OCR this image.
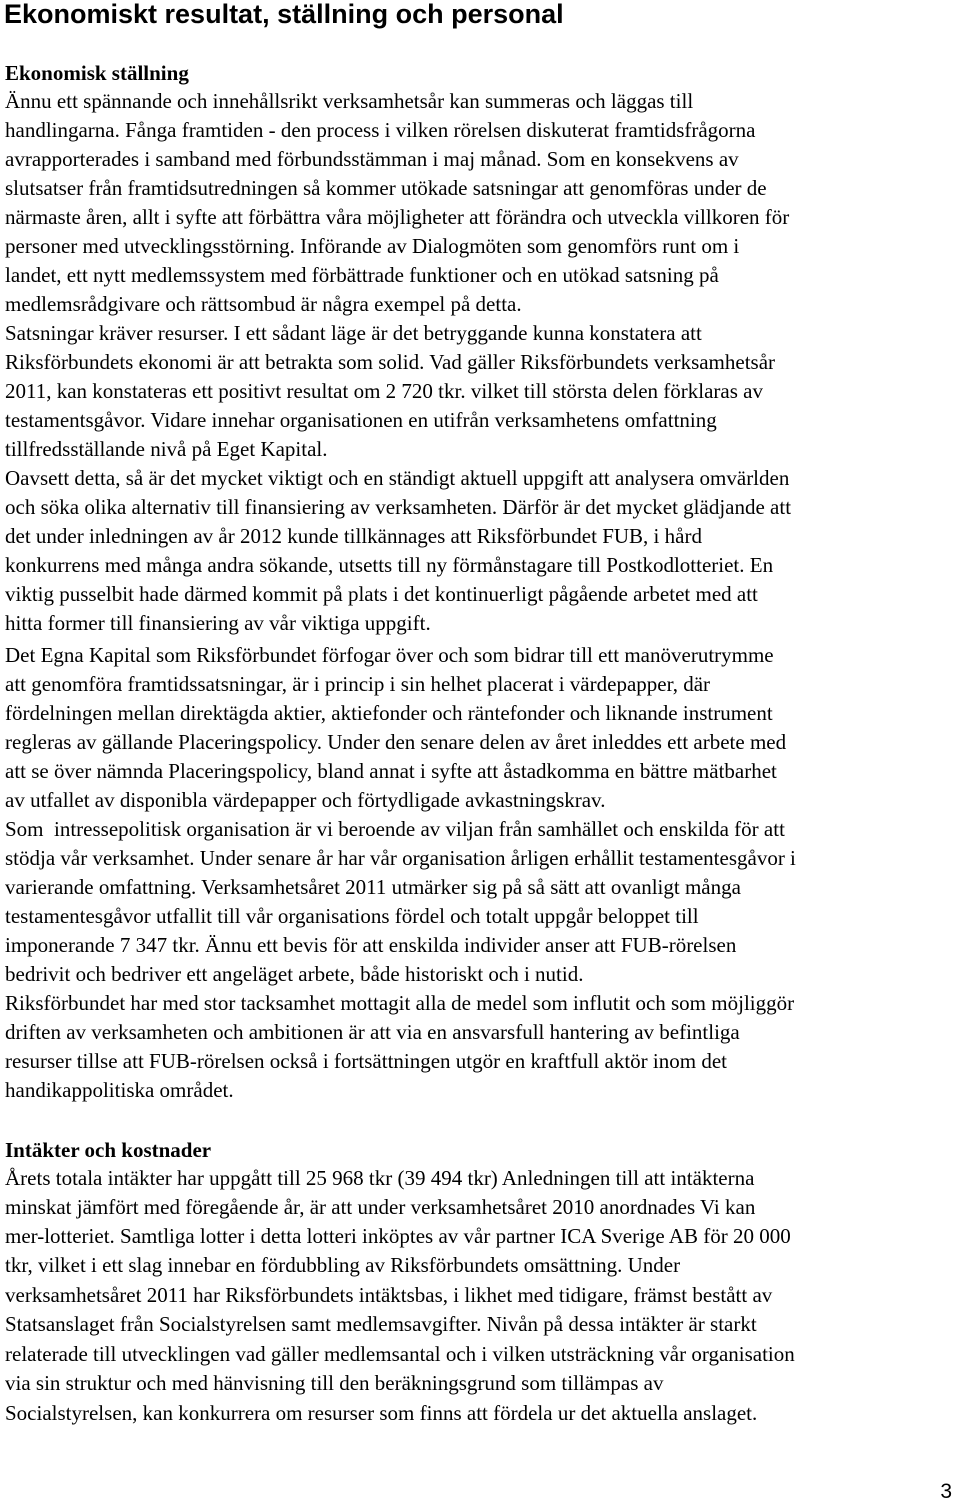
Ekonomiskt resultat, ställning och personal
Ekonomisk ställning

Ännu ett spännande och innehållsrikt verksamhetsår kan summeras och läggas till

handlingarna. Fånga framtiden - den process i vilken rörelsen diskuterat framtidsfrågorna

avrapporterades i samband med förbundsstämman i maj månad. Som en konsekvens av

slutsatser från framtidsutredningen så kommer utökade satsningar att genomföras under de

närmaste åren, allt i syfte att förbättra våra möjligheter att förändra och utveckla villkoren för

personer med utvecklingsstörning. Införande av Dialogmöten som genomförs runt om i

landet, ett nytt medlemssystem med förbättrade funktioner och en utökad satsning på

medlemsrådgivare och rättsombud är några exempel på detta.

Satsningar kräver resurser. I ett sådant läge är det betryggande kunna konstatera att

Riksförbundets ekonomi är att betrakta som solid. Vad gäller Riksförbundets verksamhetsår

2011, kan konstateras ett positivt resultat om 2 720 tkr. vilket till största delen förklaras av

testamentsgåvor. Vidare innehar organisationen en utifrån verksamhetens omfattning

tillfredsställande nivå på Eget Kapital.

Oavsett detta, så är det mycket viktigt och en ständigt aktuell uppgift att analysera omvärlden

och söka olika alternativ till finansiering av verksamheten. Därför är det mycket glädjande att

det under inledningen av år 2012 kunde tillkännages att Riksförbundet FUB, i hård

konkurrens med många andra sökande, utsetts till ny förmånstagare till Postkodlotteriet. En

viktig pusselbit hade därmed kommit på plats i det kontinuerligt pågående arbetet med att

hitta former till finansiering av vår viktiga uppgift.

Det Egna Kapital som Riksförbundet förfogar över och som bidrar till ett manöverutrymme

att genomföra framtidssatsningar, är i princip i sin helhet placerat i värdepapper, där

fördelningen mellan direktägda aktier, aktiefonder och räntefonder och liknande instrument

regleras av gällande Placeringspolicy. Under den senare delen av året inleddes ett arbete med

att se över nämnda Placeringspolicy, bland annat i syfte att åstadkomma en bättre mätbarhet

av utfallet av disponibla värdepapper och förtydligade avkastningskrav.

Som  intressepolitisk organisation är vi beroende av viljan från samhället och enskilda för att

stödja vår verksamhet. Under senare år har vår organisation årligen erhållit testamentesgåvor i

varierande omfattning. Verksamhetsåret 2011 utmärker sig på så sätt att ovanligt många

testamentesgåvor utfallit till vår organisations fördel och totalt uppgår beloppet till

imponerande 7 347 tkr. Ännu ett bevis för att enskilda individer anser att FUB-rörelsen

bedrivit och bedriver ett angeläget arbete, både historiskt och i nutid.

Riksförbundet har med stor tacksamhet mottagit alla de medel som influtit och som möjliggör

driften av verksamheten och ambitionen är att via en ansvarsfull hantering av befintliga

resurser tillse att FUB-rörelsen också i fortsättningen utgör en kraftfull aktör inom det

handikappolitiska området.

Intäkter och kostnader

Årets totala intäkter har uppgått till 25 968 tkr (39 494 tkr) Anledningen till att intäkterna

minskat jämfört med föregående år, är att under verksamhetsåret 2010 anordnades Vi kan

mer-lotteriet. Samtliga lotter i detta lotteri inköptes av vår partner ICA Sverige AB för 20 000

tkr, vilket i ett slag innebar en fördubbling av Riksförbundets omsättning. Under

verksamhetsåret 2011 har Riksförbundets intäktsbas, i likhet med tidigare, främst bestått av

Statsanslaget från Socialstyrelsen samt medlemsavgifter. Nivån på dessa intäkter är starkt

relaterade till utvecklingen vad gäller medlemsantal och i vilken utsträckning vår organisation

via sin struktur och med hänvisning till den beräkningsgrund som tillämpas av

Socialstyrelsen, kan konkurrera om resurser som finns att fördela ur det aktuella anslaget.

3
